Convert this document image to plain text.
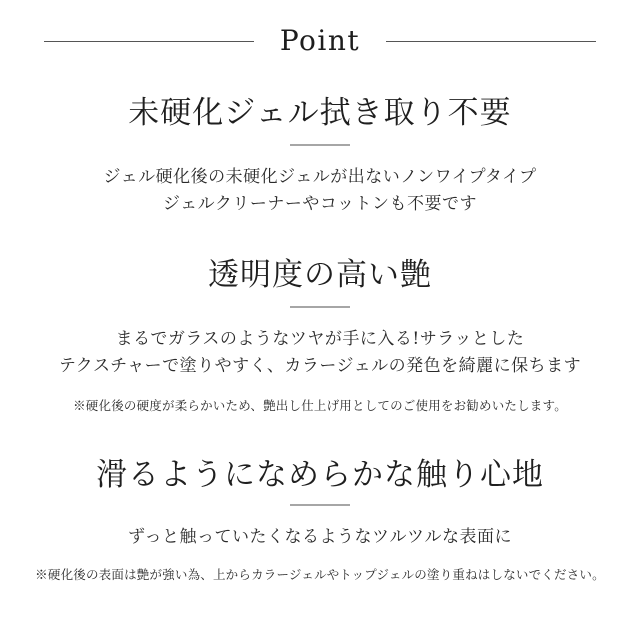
Point
未硬化ジェル拭き取り不要

ジェル硬化後の未硬化ジェルが出ないノンワイプタイプ

ジェルクリーナーやコットンも不要です

透明度の高い艶

まるでガラスのようなツヤが手に入る!サラッとした

テクスチャーで塗りやすく、カラージェルの発色を綺麗に保ちます

※硬化後の硬度が柔らかいため、艶出し仕上げ用としてのご使用をお勧めいたします。
滑るようになめらかな触り心地

ずっと触っていたくなるようなツルツルな表面に

※硬化後の表面は艶が強い為、上からカラージェルやトップジェルの塗り重ねはしないでください。
